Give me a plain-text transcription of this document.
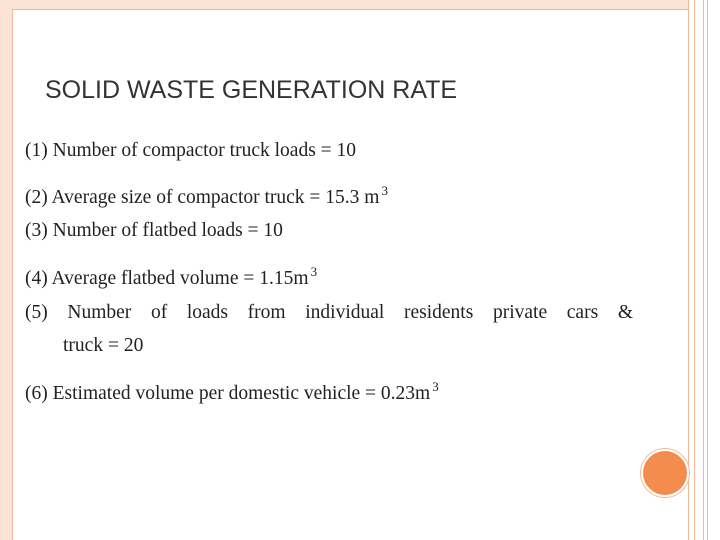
SOLID WASTE GENERATION RATE
(1) Number of compactor truck loads = 10
(2) Average size of compactor truck = 15.3 m $^3$
(3) Number of flatbed loads = 10
(4) Average flatbed volume = 1.15m $^3$
(5) Number of loads from individual residents private cars &
truck = 20
(6) Estimated volume per domestic vehicle = 0.23m $^3$
